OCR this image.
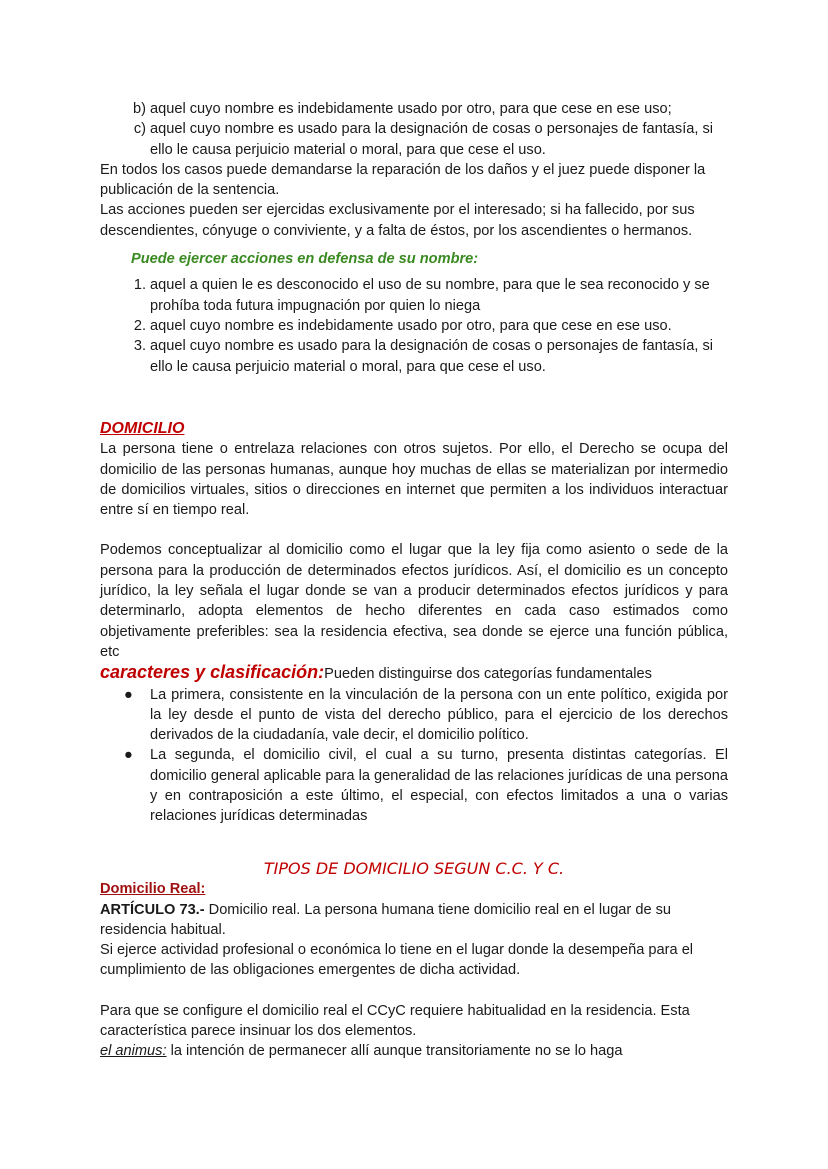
b) aquel cuyo nombre es indebidamente usado por otro, para que cese en ese uso;
c) aquel cuyo nombre es usado para la designación de cosas o personajes de fantasía, si ello le causa perjuicio material o moral, para que cese el uso.
En todos los casos puede demandarse la reparación de los daños y el juez puede disponer la publicación de la sentencia.
Las acciones pueden ser ejercidas exclusivamente por el interesado; si ha fallecido, por sus descendientes, cónyuge o conviviente, y a falta de éstos, por los ascendientes o hermanos.
Puede ejercer acciones en defensa de su nombre:
1. aquel a quien le es desconocido el uso de su nombre, para que le sea reconocido y se prohíba toda futura impugnación por quien lo niega
2. aquel cuyo nombre es indebidamente usado por otro, para que cese en ese uso.
3. aquel cuyo nombre es usado para la designación de cosas o personajes de fantasía, si ello le causa perjuicio material o moral, para que cese el uso.
DOMICILIO
La persona tiene o entrelaza relaciones con otros sujetos. Por ello, el Derecho se ocupa del domicilio de las personas humanas, aunque hoy muchas de ellas se materializan por intermedio de domicilios virtuales, sitios o direcciones en internet que permiten a los individuos interactuar entre sí en tiempo real.
Podemos conceptualizar al domicilio como el lugar que la ley fija como asiento o sede de la persona para la producción de determinados efectos jurídicos. Así, el domicilio es un concepto jurídico, la ley señala el lugar donde se van a producir determinados efectos jurídicos y para determinarlo, adopta elementos de hecho diferentes en cada caso estimados como objetivamente preferibles: sea la residencia efectiva, sea donde se ejerce una función pública, etc
caracteres y clasificación:Pueden distinguirse dos categorías fundamentales
● La primera, consistente en la vinculación de la persona con un ente político, exigida por la ley desde el punto de vista del derecho público, para el ejercicio de los derechos derivados de la ciudadanía, vale decir, el domicilio político.
● La segunda, el domicilio civil, el cual a su turno, presenta distintas categorías. El domicilio general aplicable para la generalidad de las relaciones jurídicas de una persona y en contraposición a este último, el especial, con efectos limitados a una o varias relaciones jurídicas determinadas
TIPOS DE DOMICILIO SEGUN C.C. Y C.
Domicilio Real:
ARTÍCULO 73.- Domicilio real. La persona humana tiene domicilio real en el lugar de su residencia habitual.
Si ejerce actividad profesional o económica lo tiene en el lugar donde la desempeña para el cumplimiento de las obligaciones emergentes de dicha actividad.
Para que se configure el domicilio real el CCyC requiere habitualidad en la residencia. Esta característica parece insinuar los dos elementos.
el animus: la intención de permanecer allí aunque transitoriamente no se lo haga
